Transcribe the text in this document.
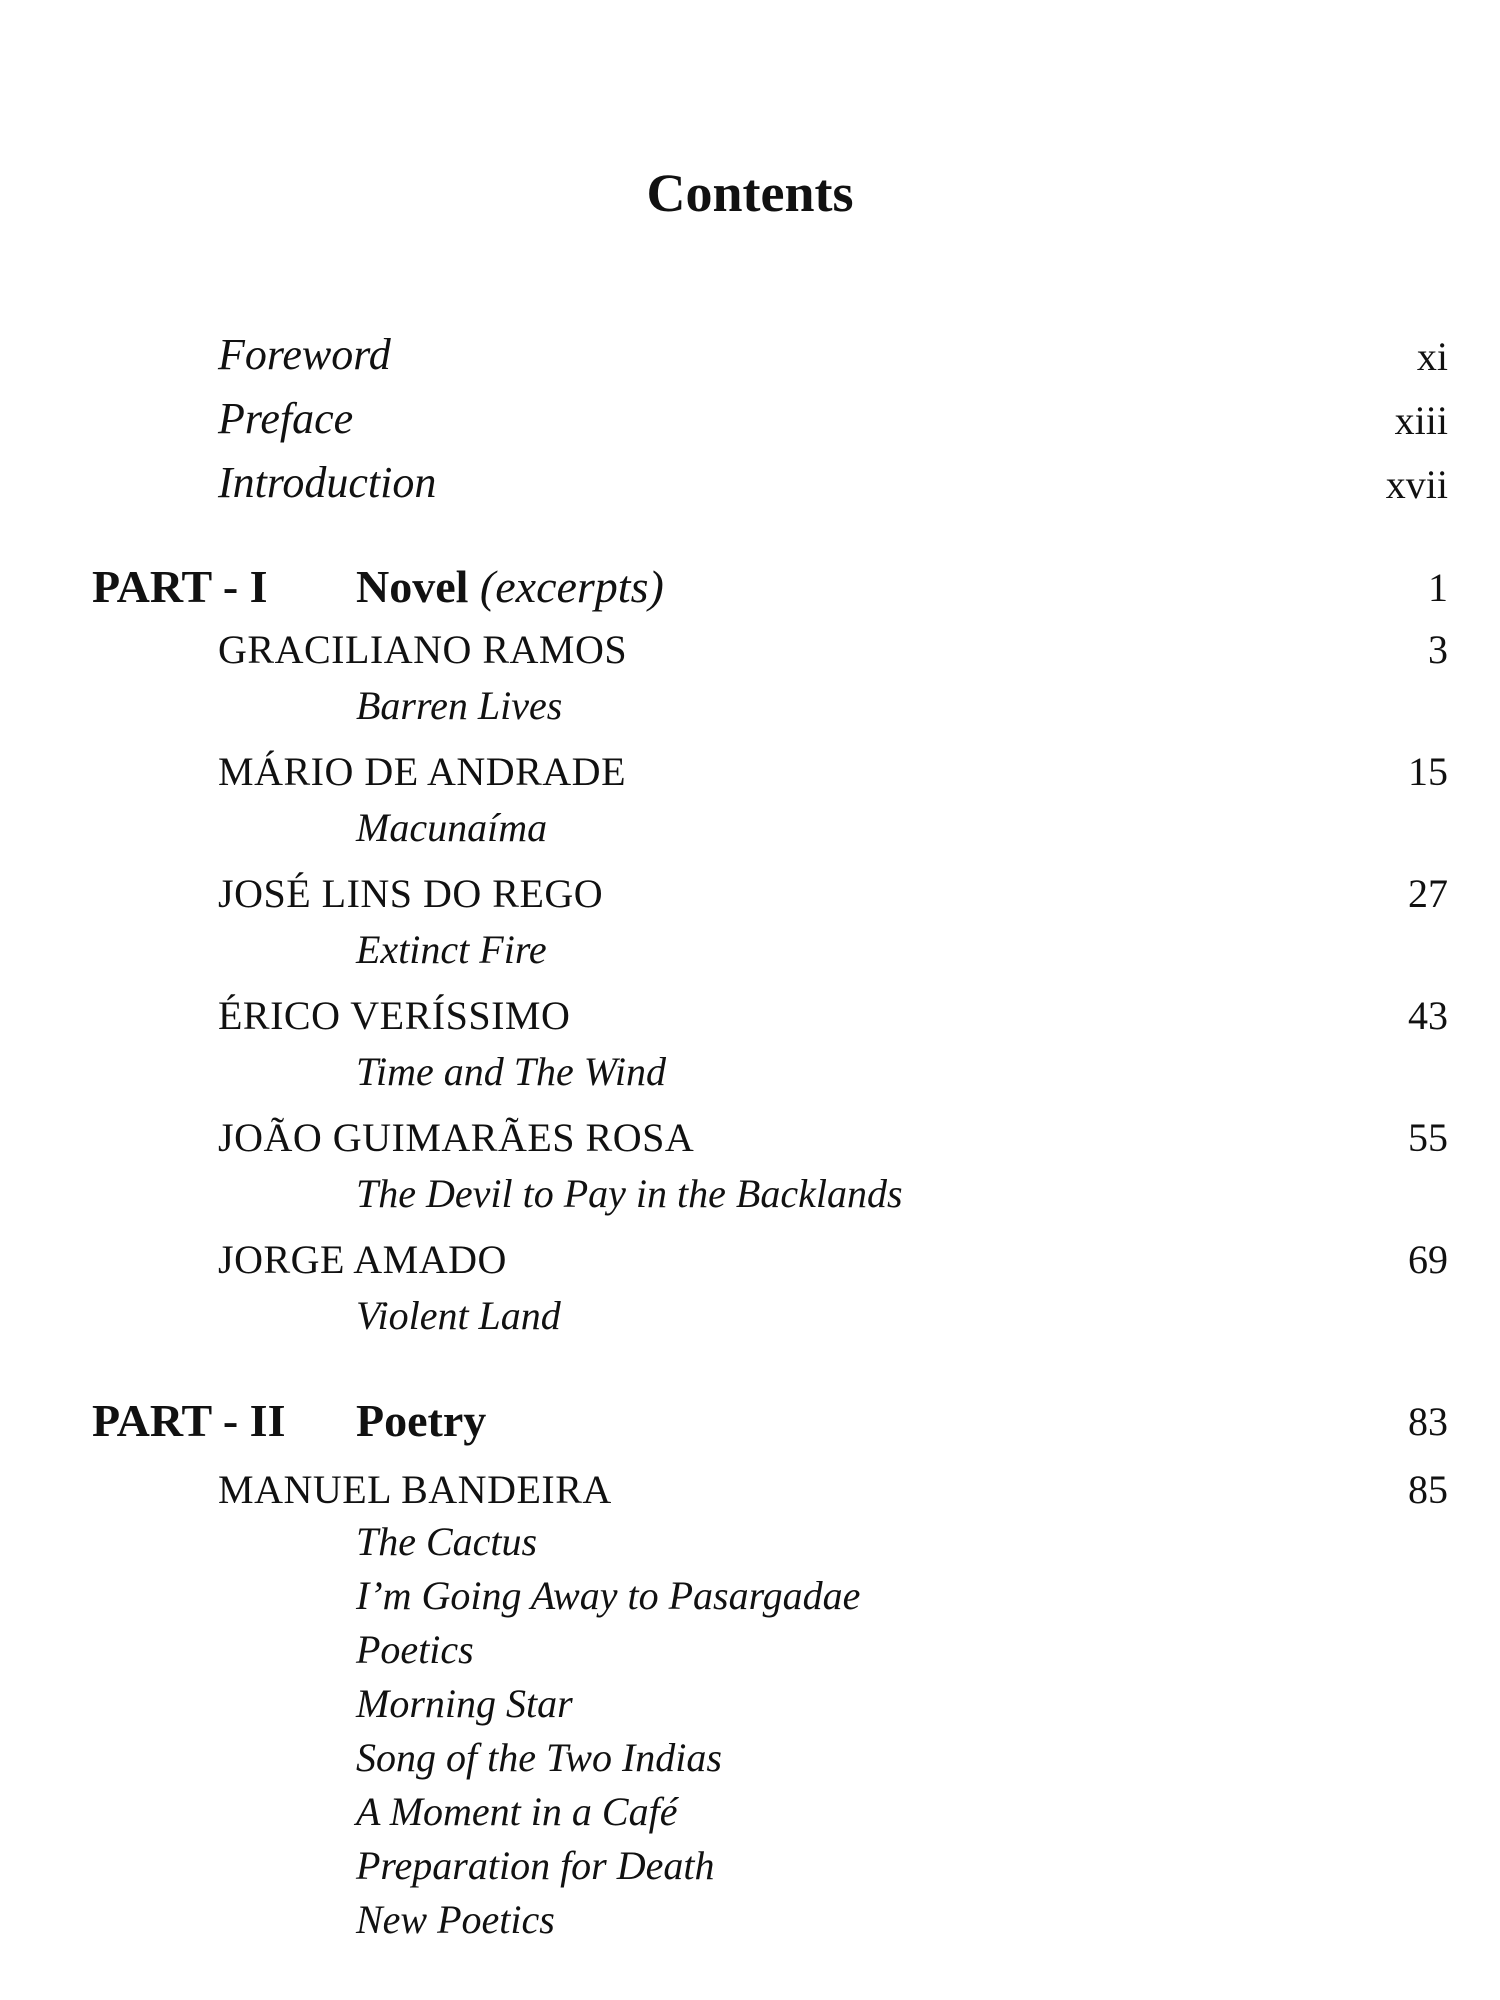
Contents
Foreword	xi
Preface	xiii
Introduction	xvii
PART - I Novel (excerpts)	1
GRACILIANO RAMOS	3
Barren Lives
MÁRIO DE ANDRADE	15
Macunaíma
JOSÉ LINS DO REGO	27
Extinct Fire
ÉRICO VERÍSSIMO	43
Time and The Wind
JOÃO GUIMARÃES ROSA	55
The Devil to Pay in the Backlands
JORGE AMADO	69
Violent Land
PART - II Poetry	83
MANUEL BANDEIRA	85
The Cactus
I’m Going Away to Pasargadae
Poetics
Morning Star
Song of the Two Indias
A Moment in a Café
Preparation for Death
New Poetics
